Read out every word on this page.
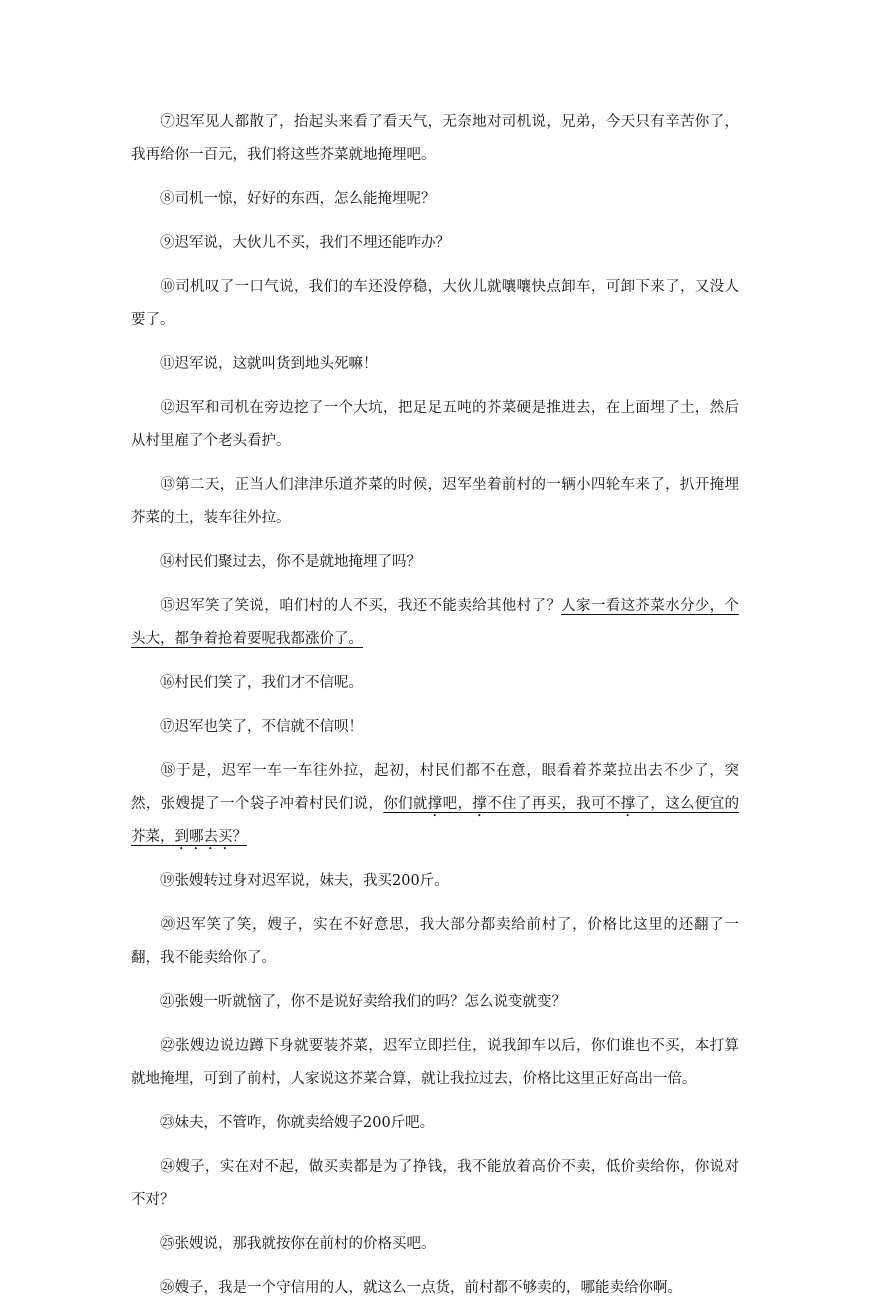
⑦迟军见人都散了，抬起头来看了看天气，无奈地对司机说，兄弟，今天只有辛苦你了，我再给你一百元，我们将这些芥菜就地掩埋吧。

⑧司机一惊，好好的东西，怎么能掩埋呢？

⑨迟军说，大伙儿不买，我们不埋还能咋办？

⑩司机叹了一口气说，我们的车还没停稳，大伙儿就嚷嚷快点卸车，可卸下来了，又没人要了。

⑪迟军说，这就叫货到地头死嘛！

⑫迟军和司机在旁边挖了一个大坑，把足足五吨的芥菜硬是推进去，在上面埋了土，然后从村里雇了个老头看护。

⑬第二天，正当人们津津乐道芥菜的时候，迟军坐着前村的一辆小四轮车来了，扒开掩埋芥菜的土，装车往外拉。

⑭村民们聚过去，你不是就地掩埋了吗？

⑮迟军笑了笑说，咱们村的人不买，我还不能卖给其他村了？人家一看这芥菜水分少，个头大，都争着抢着要呢我都涨价了。

⑯村民们笑了，我们才不信呢。

⑰迟军也笑了，不信就不信呗！

⑱于是，迟军一车一车往外拉，起初，村民们都不在意，眼看着芥菜拉出去不少了，突然，张嫂提了一个袋子冲着村民们说，你们就撑吧，撑不住了再买，我可不撑了，这么便宜的芥菜，到哪去买？

⑲张嫂转过身对迟军说，妹夫，我买200斤。

⑳迟军笑了笑，嫂子，实在不好意思，我大部分都卖给前村了，价格比这里的还翻了一翻，我不能卖给你了。

㉑张嫂一听就恼了，你不是说好卖给我们的吗？怎么说变就变？

㉒张嫂边说边蹲下身就要装芥菜，迟军立即拦住，说我卸车以后，你们谁也不买，本打算就地掩埋，可到了前村，人家说这芥菜合算，就让我拉过去，价格比这里正好高出一倍。

㉓妹夫，不管咋，你就卖给嫂子200斤吧。

㉔嫂子，实在对不起，做买卖都是为了挣钱，我不能放着高价不卖，低价卖给你，你说对不对？

㉕张嫂说，那我就按你在前村的价格买吧。

㉖嫂子，我是一个守信用的人，就这么一点货，前村都不够卖的，哪能卖给你啊。
